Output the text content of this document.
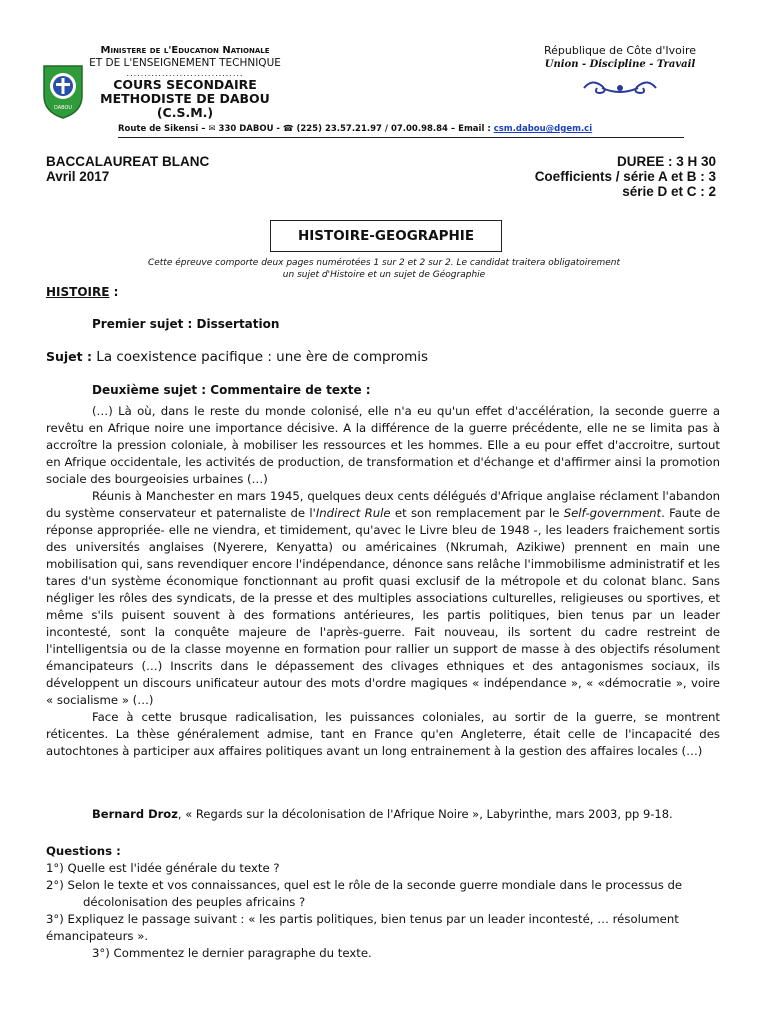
Ministere de l'Education Nationale
ET DE L'ENSEIGNEMENT TECHNIQUE
.................................
COURS SECONDAIRE
METHODISTE DE DABOU
(C.S.M.)
DABOU
République de Côte d'Ivoire
Union - Discipline - Travail
Route de Sikensi – ✉ 330 DABOU - ☎ (225) 23.57.21.97 / 07.00.98.84 – Email : csm.dabou@dgem.ci
BACCALAUREAT BLANC
Avril 2017
DUREE : 3 H 30
Coefficients / série A et B : 3
série D et C : 2
HISTOIRE-GEOGRAPHIE
Cette épreuve comporte deux pages numérotées 1 sur 2 et 2 sur 2. Le candidat traitera obligatoirement
un sujet d'Histoire et un sujet de Géographie
HISTOIRE :
Premier sujet : Dissertation
Sujet : La coexistence pacifique : une ère de compromis
Deuxième sujet : Commentaire de texte :

(…) Là où, dans le reste du monde colonisé, elle n'a eu qu'un effet d'accélération, la seconde guerre a revêtu en Afrique noire une importance décisive. A la différence de la guerre précédente, elle ne se limita pas à accroître la pression coloniale, à mobiliser les ressources et les hommes. Elle a eu pour effet d'accroitre, surtout en Afrique occidentale, les activités de production, de transformation et d'échange et d'affirmer ainsi la promotion sociale des bourgeoisies urbaines (…)

Réunis à Manchester en mars 1945, quelques deux cents délégués d'Afrique anglaise réclament l'abandon du système conservateur et paternaliste de l'Indirect Rule et son remplacement par le Self-government. Faute de réponse appropriée- elle ne viendra, et timidement, qu'avec le Livre bleu de 1948 -, les leaders fraichement sortis des universités anglaises (Nyerere, Kenyatta) ou américaines (Nkrumah, Azikiwe) prennent en main une mobilisation qui, sans revendiquer encore l'indépendance, dénonce sans relâche l'immobilisme administratif et les tares d'un système économique fonctionnant au profit quasi exclusif de la métropole et du colonat blanc. Sans négliger les rôles des syndicats, de la presse et des multiples associations culturelles, religieuses ou sportives, et même s'ils puisent souvent à des formations antérieures, les partis politiques, bien tenus par un leader incontesté, sont la conquête majeure de l'après-guerre. Fait nouveau, ils sortent du cadre restreint de l'intelligentsia ou de la classe moyenne en formation pour rallier un support de masse à des objectifs résolument émancipateurs (…) Inscrits dans le dépassement des clivages ethniques et des antagonismes sociaux, ils développent un discours unificateur autour des mots d'ordre magiques « indépendance », « «démocratie », voire « socialisme » (…)

Face à cette brusque radicalisation, les puissances coloniales, au sortir de la guerre, se montrent réticentes. La thèse généralement admise, tant en France qu'en Angleterre, était celle de l'incapacité des autochtones à participer aux affaires politiques avant un long entrainement à la gestion des affaires locales (…)

Bernard Droz, « Regards sur la décolonisation de l'Afrique Noire », Labyrinthe, mars 2003, pp 9-18.
Questions :
1°) Quelle est l'idée générale du texte ?
2°) Selon le texte et vos connaissances, quel est le rôle de la seconde guerre mondiale dans le processus de
décolonisation des peuples africains ?
3°) Expliquez le passage suivant : « les partis politiques, bien tenus par un leader incontesté, … résolument
émancipateurs ».
3°) Commentez le dernier paragraphe du texte.
